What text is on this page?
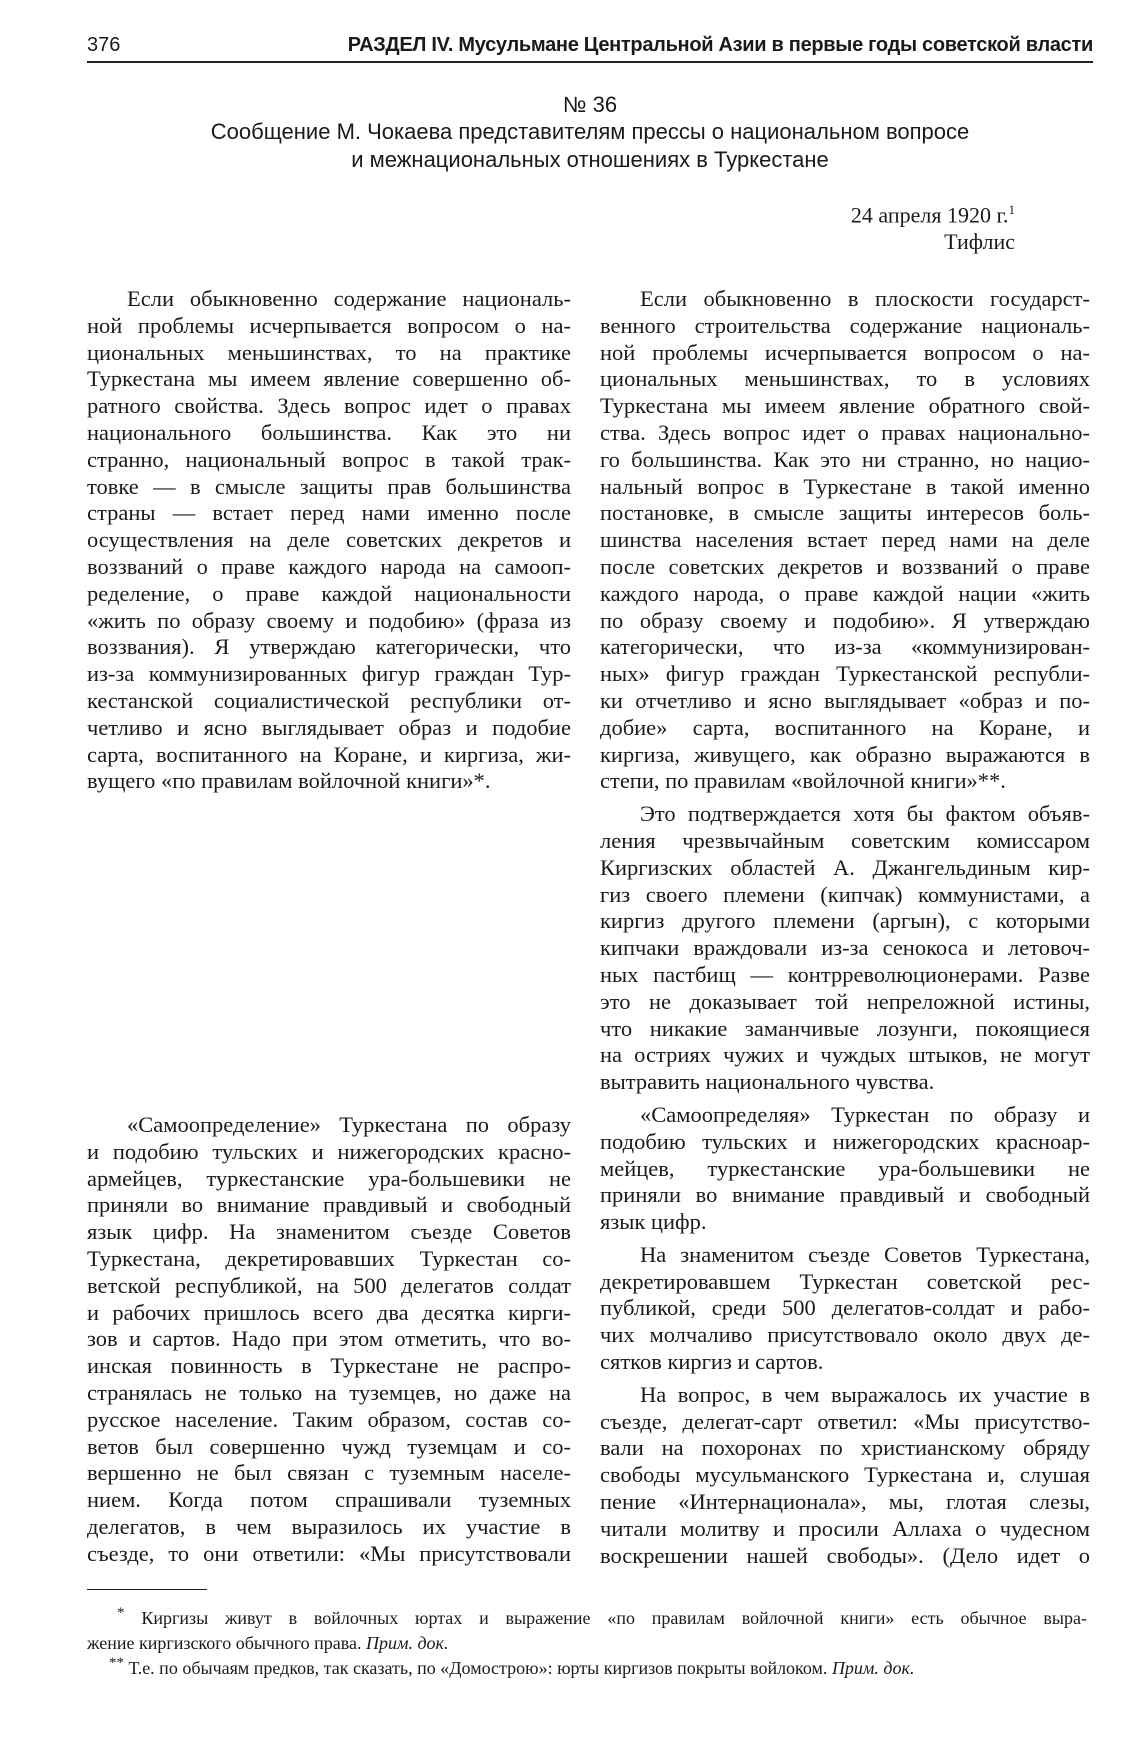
376	РАЗДЕЛ IV. Мусульмане Центральной Азии в первые годы советской власти
№ 36
Сообщение М. Чокаева представителям прессы о национальном вопросе
и межнациональных отношениях в Туркестане
24 апреля 1920 г.$^1$
Тифлис
Если обыкновенно содержание националь-
ной проблемы исчерпывается вопросом о на-
циональных меньшинствах, то на практике
Туркестана мы имеем явление совершенно об-
ратного свойства. Здесь вопрос идет о правах
национального большинства. Как это ни
странно, национальный вопрос в такой трак-
товке — в смысле защиты прав большинства
страны — встает перед нами именно после
осуществления на деле советских декретов и
воззваний о праве каждого народа на самооп-
ределение, о праве каждой национальности
«жить по образу своему и подобию» (фраза из
воззвания). Я утверждаю категорически, что
из-за коммунизированных фигур граждан Тур-
кестанской социалистической республики от-
четливо и ясно выглядывает образ и подобие
сарта, воспитанного на Коране, и киргиза, жи-
вущего «по правилам войлочной книги»*.
«Самоопределение» Туркестана по образу
и подобию тульских и нижегородских красно-
армейцев, туркестанские ура-большевики не
приняли во внимание правдивый и свободный
язык цифр. На знаменитом съезде Советов
Туркестана, декретировавших Туркестан со-
ветской республикой, на 500 делегатов солдат
и рабочих пришлось всего два десятка кирги-
зов и сартов. Надо при этом отметить, что во-
инская повинность в Туркестане не распро-
странялась не только на туземцев, но даже на
русское население. Таким образом, состав со-
ветов был совершенно чужд туземцам и со-
вершенно не был связан с туземным населе-
нием. Когда потом спрашивали туземных
делегатов, в чем выразилось их участие в
съезде, то они ответили: «Мы присутствовали
Если обыкновенно в плоскости государст-
венного строительства содержание националь-
ной проблемы исчерпывается вопросом о на-
циональных меньшинствах, то в условиях
Туркестана мы имеем явление обратного свой-
ства. Здесь вопрос идет о правах национально-
го большинства. Как это ни странно, но нацио-
нальный вопрос в Туркестане в такой именно
постановке, в смысле защиты интересов боль-
шинства населения встает перед нами на деле
после советских декретов и воззваний о праве
каждого народа, о праве каждой нации «жить
по образу своему и подобию». Я утверждаю
категорически, что из-за «коммунизирован-
ных» фигур граждан Туркестанской республи-
ки отчетливо и ясно выглядывает «образ и по-
добие» сарта, воспитанного на Коране, и
киргиза, живущего, как образно выражаются в
степи, по правилам «войлочной книги»**.
Это подтверждается хотя бы фактом объяв-
ления чрезвычайным советским комиссаром
Киргизских областей А. Джангельдиным кир-
гиз своего племени (кипчак) коммунистами, а
киргиз другого племени (аргын), с которыми
кипчаки враждовали из-за сенокоса и летовоч-
ных пастбищ — контрреволюционерами. Разве
это не доказывает той непреложной истины,
что никакие заманчивые лозунги, покоящиеся
на остриях чужих и чуждых штыков, не могут
вытравить национального чувства.
«Самоопределяя» Туркестан по образу и
подобию тульских и нижегородских красноар-
мейцев, туркестанские ура-большевики не
приняли во внимание правдивый и свободный
язык цифр.
На знаменитом съезде Советов Туркестана,
декретировавшем Туркестан советской рес-
публикой, среди 500 делегатов-солдат и рабо-
чих молчаливо присутствовало около двух де-
сятков киргиз и сартов.
На вопрос, в чем выражалось их участие в
съезде, делегат-сарт ответил: «Мы присутство-
вали на похоронах по христианскому обряду
свободы мусульманского Туркестана и, слушая
пение «Интернационала», мы, глотая слезы,
читали молитву и просили Аллаха о чудесном
воскрешении нашей свободы». (Дело идет о
* Киргизы живут в войлочных юртах и выражение «по правилам войлочной книги» есть обычное выра-
жение киргизского обычного права. Прим. док.
** Т.е. по обычаям предков, так сказать, по «Домострою»: юрты киргизов покрыты войлоком. Прим. док.
